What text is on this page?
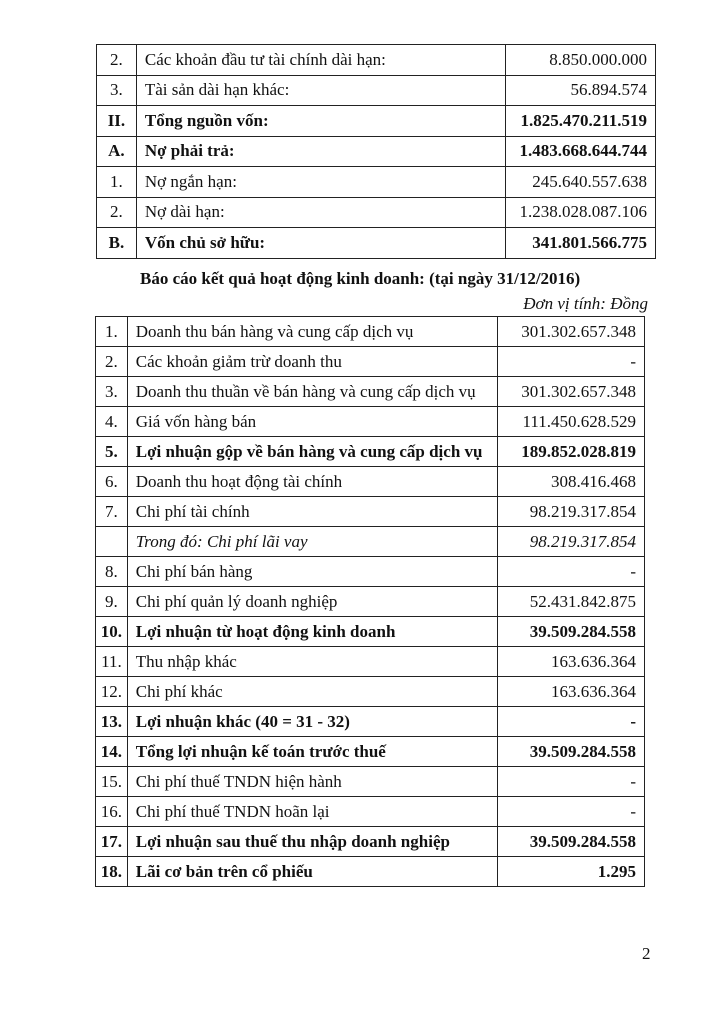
2.	Các khoản đầu tư tài chính dài hạn:	8.850.000.000
3.	Tài sản dài hạn khác:	56.894.574
II.	Tổng nguồn vốn:	1.825.470.211.519
A.	Nợ phải trả:	1.483.668.644.744
1.	Nợ ngắn hạn:	245.640.557.638
2.	Nợ dài hạn:	1.238.028.087.106
B.	Vốn chủ sở hữu:	341.801.566.775
Báo cáo kết quả hoạt động kinh doanh: (tại ngày 31/12/2016)
Đơn vị tính: Đồng
1.	Doanh thu bán hàng và cung cấp dịch vụ	301.302.657.348
2.	Các khoản giảm trừ doanh thu	-
3.	Doanh thu thuần về bán hàng và cung cấp dịch vụ	301.302.657.348
4.	Giá vốn hàng bán	111.450.628.529
5.	Lợi nhuận gộp về bán hàng và cung cấp dịch vụ	189.852.028.819
6.	Doanh thu hoạt động tài chính	308.416.468
7.	Chi phí tài chính	98.219.317.854
	Trong đó: Chi phí lãi vay	98.219.317.854
8.	Chi phí bán hàng	-
9.	Chi phí quản lý doanh nghiệp	52.431.842.875
10.	Lợi nhuận từ hoạt động kinh doanh	39.509.284.558
11.	Thu nhập khác	163.636.364
12.	Chi phí khác	163.636.364
13.	Lợi nhuận khác (40 = 31 - 32)	-
14.	Tổng lợi nhuận kế toán trước thuế	39.509.284.558
15.	Chi phí thuế TNDN hiện hành	-
16.	Chi phí thuế TNDN hoãn lại	-
17.	Lợi nhuận sau thuế thu nhập doanh nghiệp	39.509.284.558
18.	Lãi cơ bản trên cổ phiếu	1.295
2
